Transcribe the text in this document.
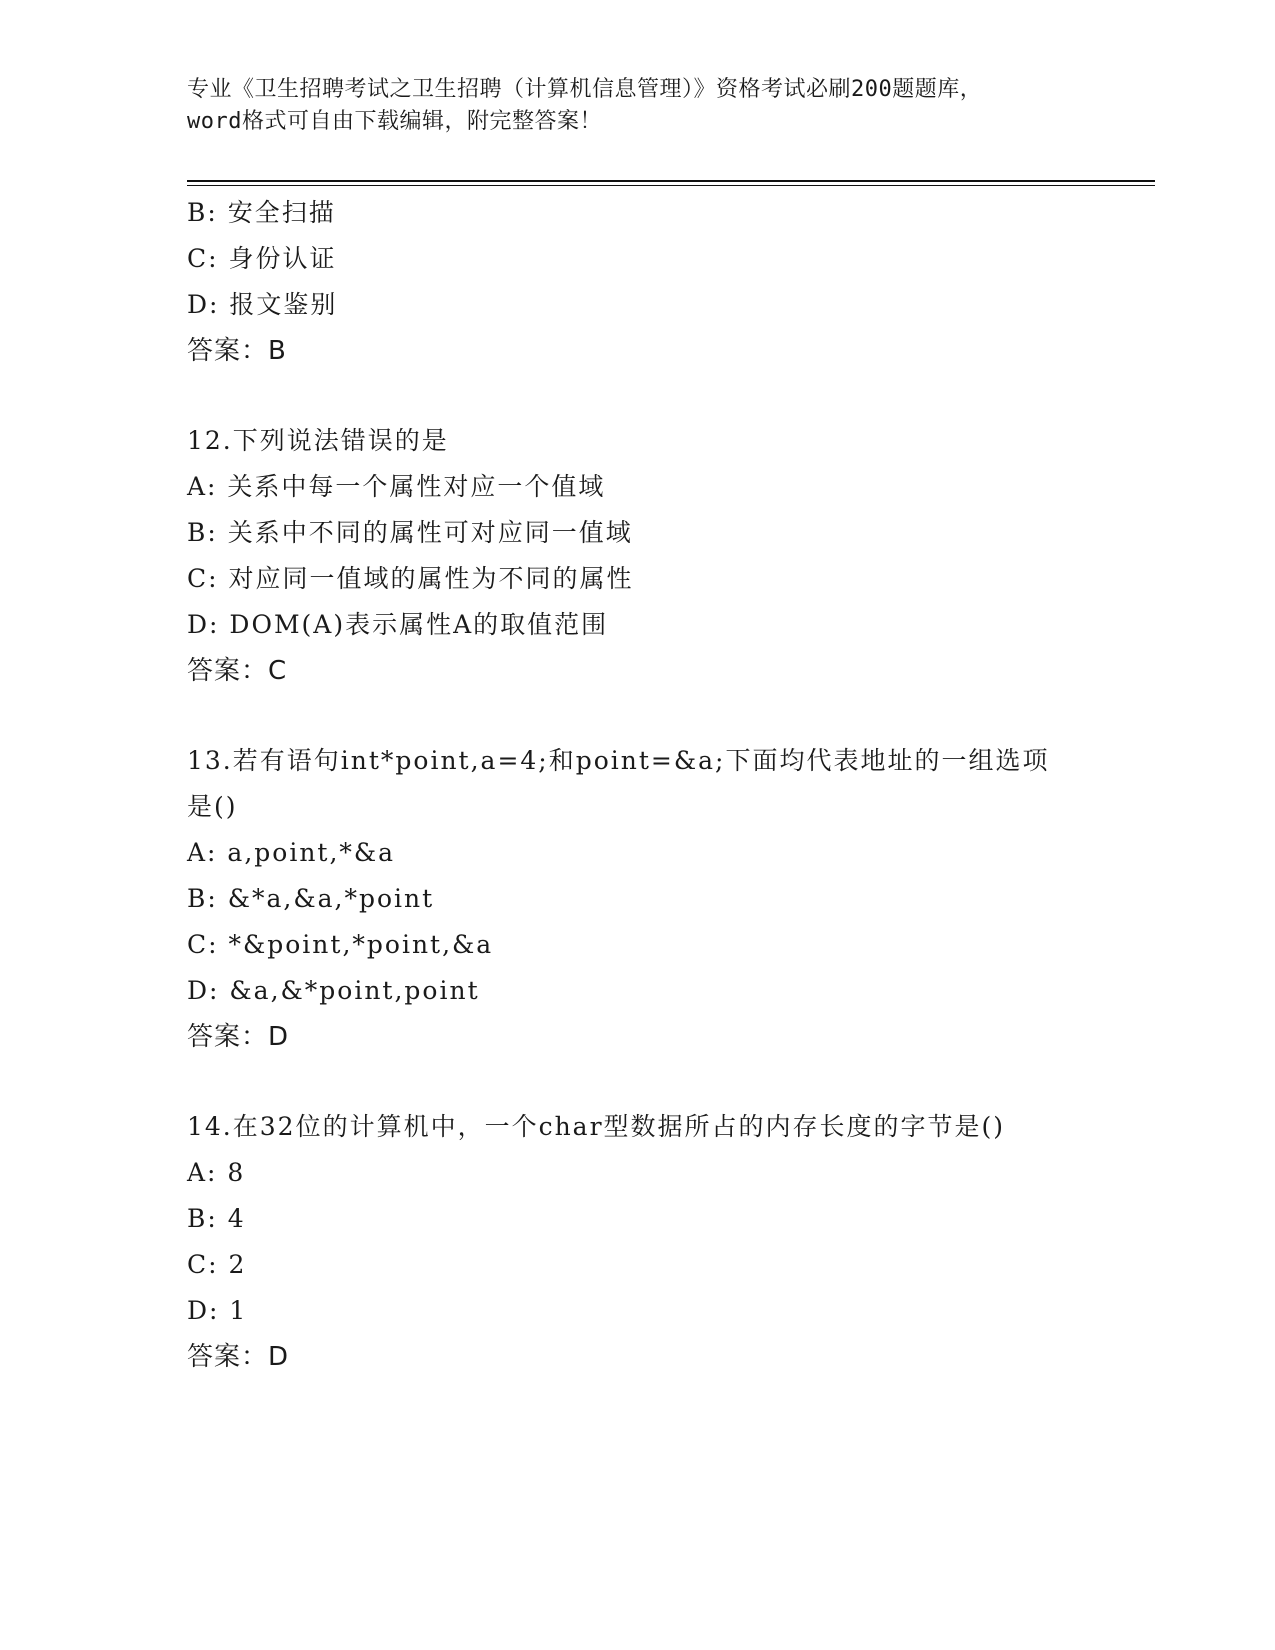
专业《卫生招聘考试之卫生招聘（计算机信息管理）》资格考试必刷200题题库，
word格式可自由下载编辑，附完整答案！
B: 安全扫描
C: 身份认证
D: 报文鉴别
答案：B
12.下列说法错误的是
A: 关系中每一个属性对应一个值域
B: 关系中不同的属性可对应同一值域
C: 对应同一值域的属性为不同的属性
D: DOM(A)表示属性A的取值范围
答案：C
13.若有语句int*point,a=4;和point=&a;下面均代表地址的一组选项
是()
A: a,point,*&a
B: &*a,&a,*point
C: *&point,*point,&a
D: &a,&*point,point
答案：D
14.在32位的计算机中，一个char型数据所占的内存长度的字节是()
A: 8
B: 4
C: 2
D: 1
答案：D
